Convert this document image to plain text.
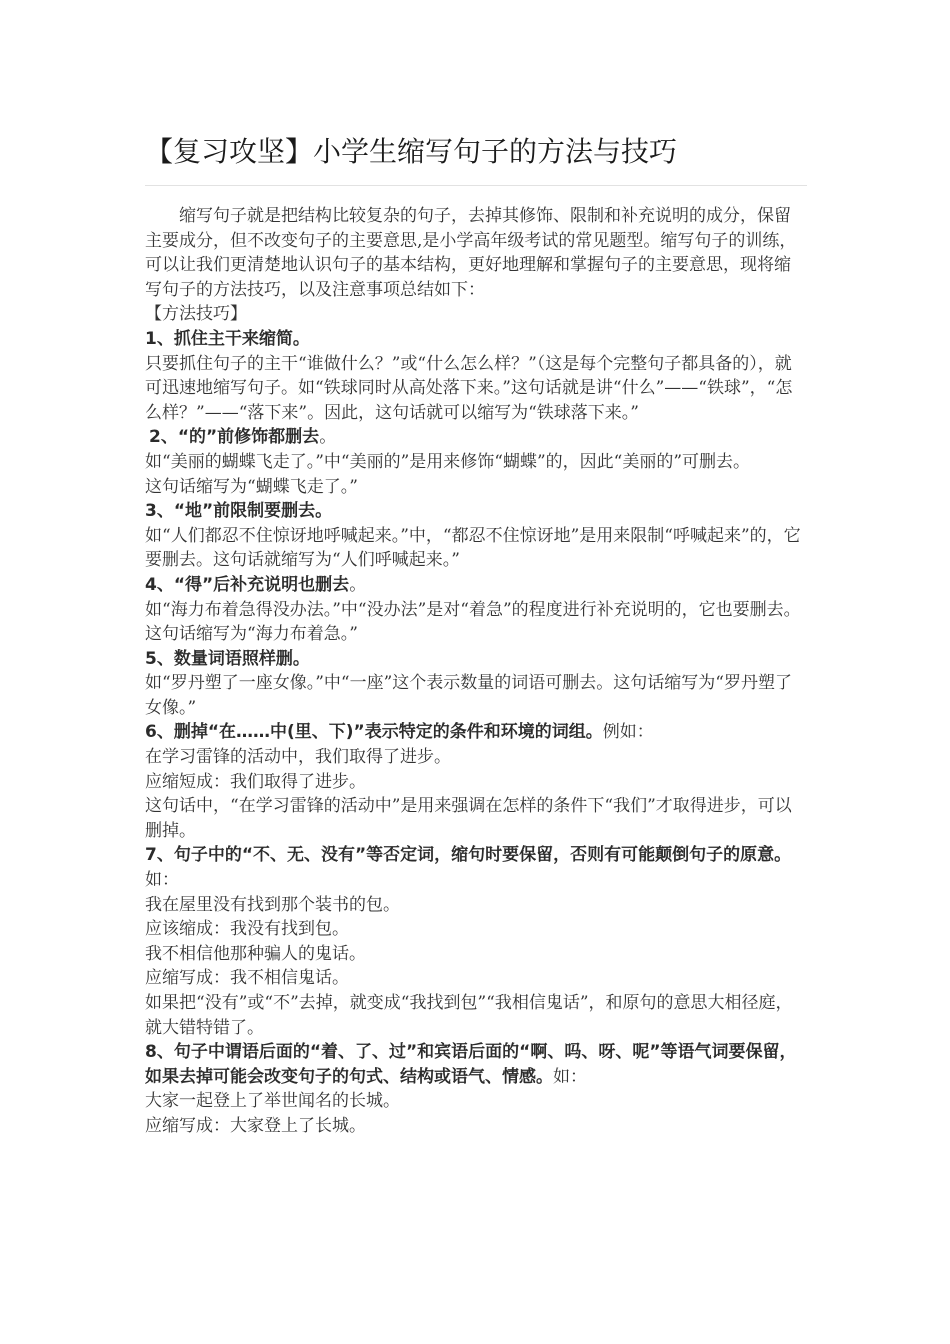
【复习攻坚】小学生缩写句子的方法与技巧

缩写句子就是把结构比较复杂的句子，去掉其修饰、限制和补充说明的成分，保留主要成分，但不改变句子的主要意思,是小学高年级考试的常见题型。缩写句子的训练，可以让我们更清楚地认识句子的基本结构，更好地理解和掌握句子的主要意思，现将缩写句子的方法技巧，以及注意事项总结如下：

【方法技巧】

1、抓住主干来缩简。

只要抓住句子的主干“谁做什么？”或“什么怎么样？”（这是每个完整句子都具备的），就可迅速地缩写句子。如“铁球同时从高处落下来。”这句话就是讲“什么”——“铁球”，“怎么样？”——“落下来”。因此，这句话就可以缩写为“铁球落下来。”

2、“的”前修饰都删去。

如“美丽的蝴蝶飞走了。”中“美丽的”是用来修饰“蝴蝶”的，因此“美丽的”可删去。

这句话缩写为“蝴蝶飞走了。”

3、“地”前限制要删去。

如“人们都忍不住惊讶地呼喊起来。”中，“都忍不住惊讶地”是用来限制“呼喊起来”的，它要删去。这句话就缩写为“人们呼喊起来。”

4、“得”后补充说明也删去。

如“海力布着急得没办法。”中“没办法”是对“着急”的程度进行补充说明的，它也要删去。这句话缩写为“海力布着急。”

5、数量词语照样删。

如“罗丹塑了一座女像。”中“一座”这个表示数量的词语可删去。这句话缩写为“罗丹塑了女像。”

6、删掉“在……中(里、下)”表示特定的条件和环境的词组。例如：

在学习雷锋的活动中，我们取得了进步。

应缩短成：我们取得了进步。

这句话中，“在学习雷锋的活动中”是用来强调在怎样的条件下“我们”才取得进步，可以删掉。

7、句子中的“不、无、没有”等否定词，缩句时要保留，否则有可能颠倒句子的原意。如：

我在屋里没有找到那个装书的包。

应该缩成：我没有找到包。

我不相信他那种骗人的鬼话。

应缩写成：我不相信鬼话。

如果把“没有”或“不”去掉，就变成“我找到包”“我相信鬼话”，和原句的意思大相径庭，就大错特错了。

8、句子中谓语后面的“着、了、过”和宾语后面的“啊、吗、呀、呢”等语气词要保留，如果去掉可能会改变句子的句式、结构或语气、情感。如：

大家一起登上了举世闻名的长城。

应缩写成：大家登上了长城。
